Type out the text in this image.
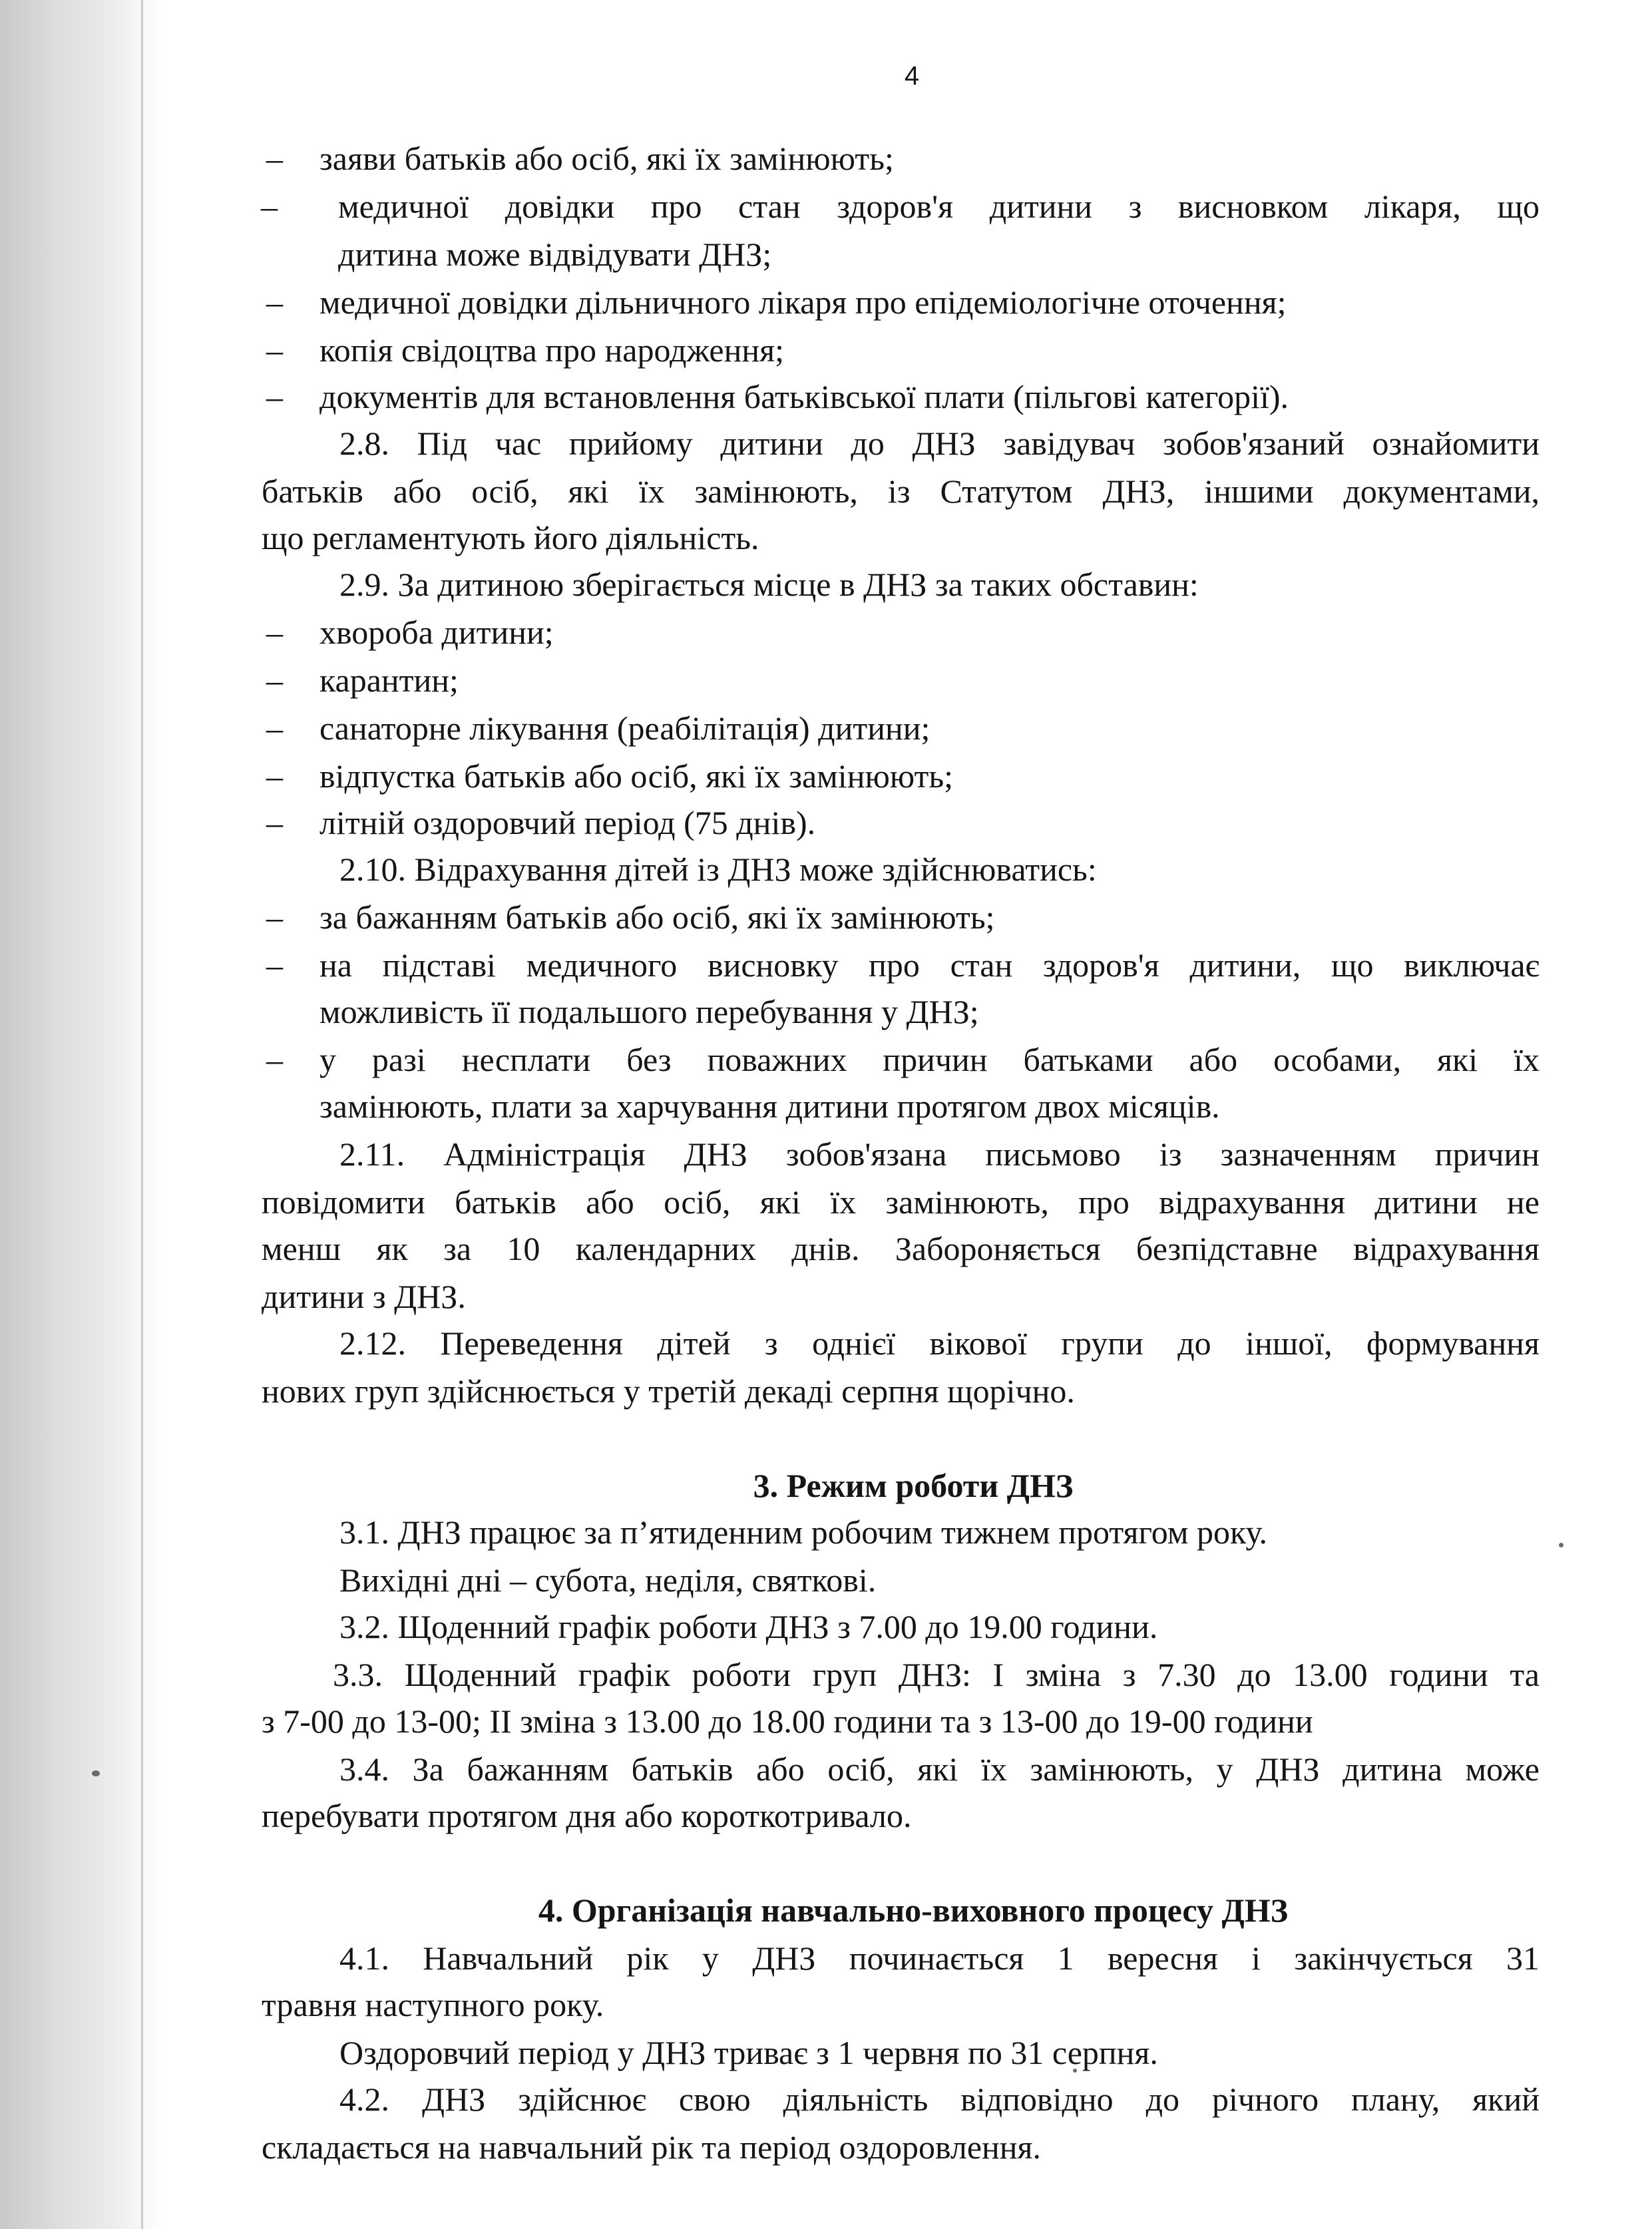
4
– заяви батьків або осіб, які їх замінюють;
– медичної довідки про стан здоров'я дитини з висновком лікаря, що
дитина може відвідувати ДНЗ;
– медичної довідки дільничного лікаря про епідеміологічне оточення;
– копія свідоцтва про народження;
– документів для встановлення батьківської плати (пільгові категорії).
2.8. Під час прийому дитини до ДНЗ завідувач зобов'язаний ознайомити
батьків або осіб, які їх замінюють, із Статутом ДНЗ, іншими документами,
що регламентують його діяльність.
2.9. За дитиною зберігається місце в ДНЗ за таких обставин:
– хвороба дитини;
– карантин;
– санаторне лікування (реабілітація) дитини;
– відпустка батьків або осіб, які їх замінюють;
– літній оздоровчий період (75 днів).
2.10. Відрахування дітей із ДНЗ може здійснюватись:
– за бажанням батьків або осіб, які їх замінюють;
– на підставі медичного висновку про стан здоров'я дитини, що виключає
можливість її подальшого перебування у ДНЗ;
– у разі несплати без поважних причин батьками або особами, які їх
замінюють, плати за харчування дитини протягом двох місяців.
2.11. Адміністрація ДНЗ зобов'язана письмово із зазначенням причин
повідомити батьків або осіб, які їх замінюють, про відрахування дитини не
менш як за 10 календарних днів. Забороняється безпідставне відрахування
дитини з ДНЗ.
2.12. Переведення дітей з однієї вікової групи до іншої, формування
нових груп здійснюється у третій декаді серпня щорічно.
3. Режим роботи ДНЗ
3.1. ДНЗ працює за п’ятиденним робочим тижнем протягом року.
Вихідні дні – субота, неділя, святкові.
3.2. Щоденний графік роботи ДНЗ з 7.00 до 19.00 години.
3.3. Щоденний графік роботи груп ДНЗ: І зміна з 7.30 до 13.00 години та
з 7-00 до 13-00; ІІ зміна з 13.00 до 18.00 години та з 13-00 до 19-00 години
3.4. За бажанням батьків або осіб, які їх замінюють, у ДНЗ дитина може
перебувати протягом дня або короткотривало.
4. Організація навчально-виховного процесу ДНЗ
4.1. Навчальний рік у ДНЗ починається 1 вересня і закінчується 31
травня наступного року.
Оздоровчий період у ДНЗ триває з 1 червня по 31 серпня.
4.2. ДНЗ здійснює свою діяльність відповідно до річного плану, який
складається на навчальний рік та період оздоровлення.
